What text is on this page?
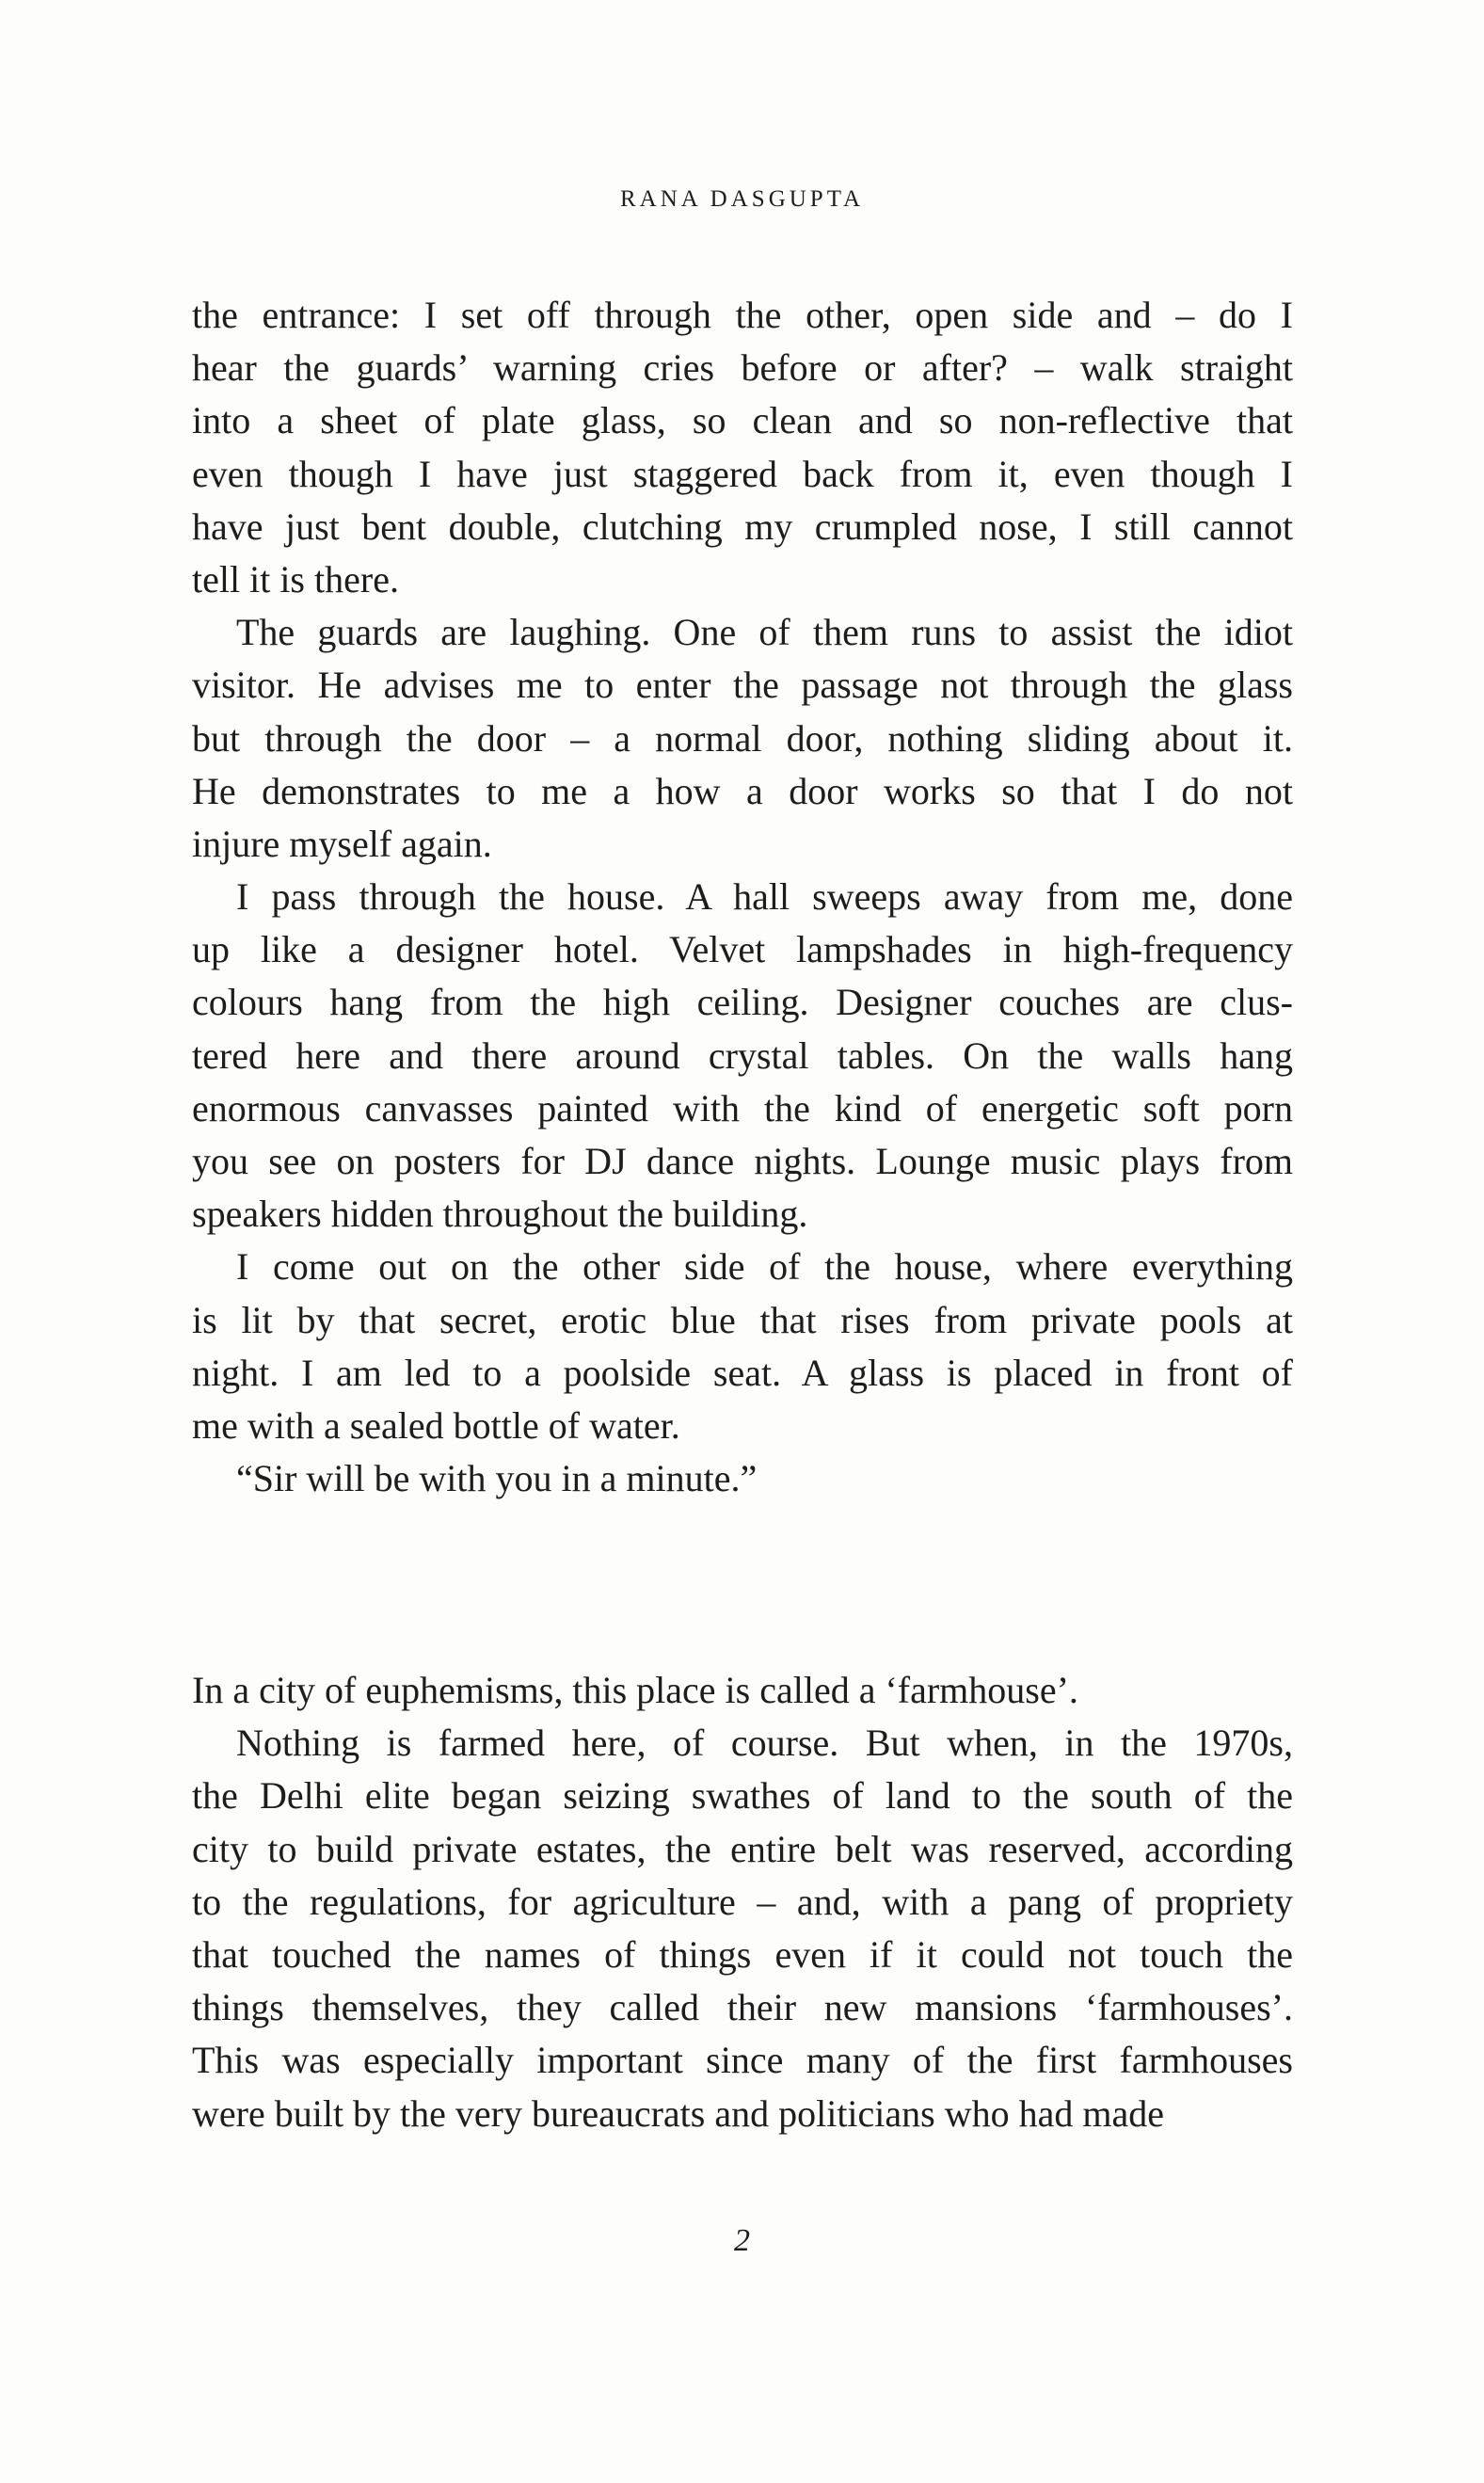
RANA DASGUPTA
the entrance: I set off through the other, open side and – do I
hear the guards’ warning cries before or after? – walk straight
into a sheet of plate glass, so clean and so non-reflective that
even though I have just staggered back from it, even though I
have just bent double, clutching my crumpled nose, I still cannot
tell it is there.
The guards are laughing. One of them runs to assist the idiot
visitor. He advises me to enter the passage not through the glass
but through the door – a normal door, nothing sliding about it.
He demonstrates to me a how a door works so that I do not
injure myself again.
I pass through the house. A hall sweeps away from me, done
up like a designer hotel. Velvet lampshades in high-frequency
colours hang from the high ceiling. Designer couches are clus-
tered here and there around crystal tables. On the walls hang
enormous canvasses painted with the kind of energetic soft porn
you see on posters for DJ dance nights. Lounge music plays from
speakers hidden throughout the building.
I come out on the other side of the house, where everything
is lit by that secret, erotic blue that rises from private pools at
night. I am led to a poolside seat. A glass is placed in front of
me with a sealed bottle of water.
“Sir will be with you in a minute.”
In a city of euphemisms, this place is called a ‘farmhouse’.
Nothing is farmed here, of course. But when, in the 1970s,
the Delhi elite began seizing swathes of land to the south of the
city to build private estates, the entire belt was reserved, according
to the regulations, for agriculture – and, with a pang of propriety
that touched the names of things even if it could not touch the
things themselves, they called their new mansions ‘farmhouses’.
This was especially important since many of the first farmhouses
were built by the very bureaucrats and politicians who had made
2
